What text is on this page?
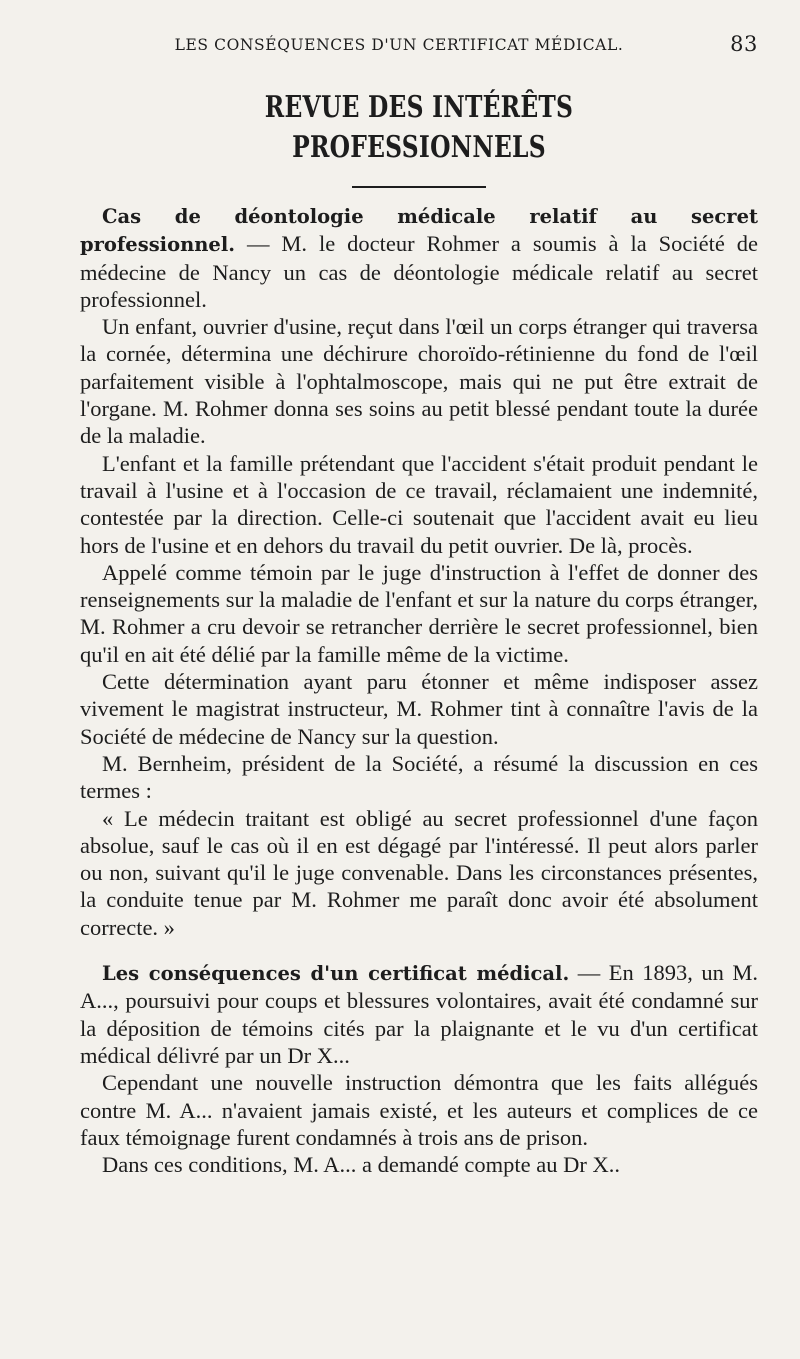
LES CONSÉQUENCES D'UN CERTIFICAT MÉDICAL.	83
REVUE DES INTÉRÊTS PROFESSIONNELS

Cas de déontologie médicale relatif au secret professionnel. — M. le docteur Rohmer a soumis à la Société de médecine de Nancy un cas de déontologie médicale relatif au secret professionnel.

Un enfant, ouvrier d'usine, reçut dans l'œil un corps étranger qui traversa la cornée, détermina une déchirure choroïdo-rétinienne du fond de l'œil parfaitement visible à l'ophtalmoscope, mais qui ne put être extrait de l'organe. M. Rohmer donna ses soins au petit blessé pendant toute la durée de la maladie.

L'enfant et la famille prétendant que l'accident s'était produit pendant le travail à l'usine et à l'occasion de ce travail, réclamaient une indemnité, contestée par la direction. Celle-ci soutenait que l'accident avait eu lieu hors de l'usine et en dehors du travail du petit ouvrier. De là, procès.

Appelé comme témoin par le juge d'instruction à l'effet de donner des renseignements sur la maladie de l'enfant et sur la nature du corps étranger, M. Rohmer a cru devoir se retrancher derrière le secret professionnel, bien qu'il en ait été délié par la famille même de la victime.

Cette détermination ayant paru étonner et même indisposer assez vivement le magistrat instructeur, M. Rohmer tint à connaître l'avis de la Société de médecine de Nancy sur la question.

M. Bernheim, président de la Société, a résumé la discussion en ces termes :

« Le médecin traitant est obligé au secret professionnel d'une façon absolue, sauf le cas où il en est dégagé par l'intéressé. Il peut alors parler ou non, suivant qu'il le juge convenable. Dans les circonstances présentes, la conduite tenue par M. Rohmer me paraît donc avoir été absolument correcte. »

Les conséquences d'un certificat médical. — En 1893, un M. A..., poursuivi pour coups et blessures volontaires, avait été condamné sur la déposition de témoins cités par la plaignante et le vu d'un certificat médical délivré par un Dr X...

Cependant une nouvelle instruction démontra que les faits allégués contre M. A... n'avaient jamais existé, et les auteurs et complices de ce faux témoignage furent condamnés à trois ans de prison.

Dans ces conditions, M. A... a demandé compte au Dr X..
